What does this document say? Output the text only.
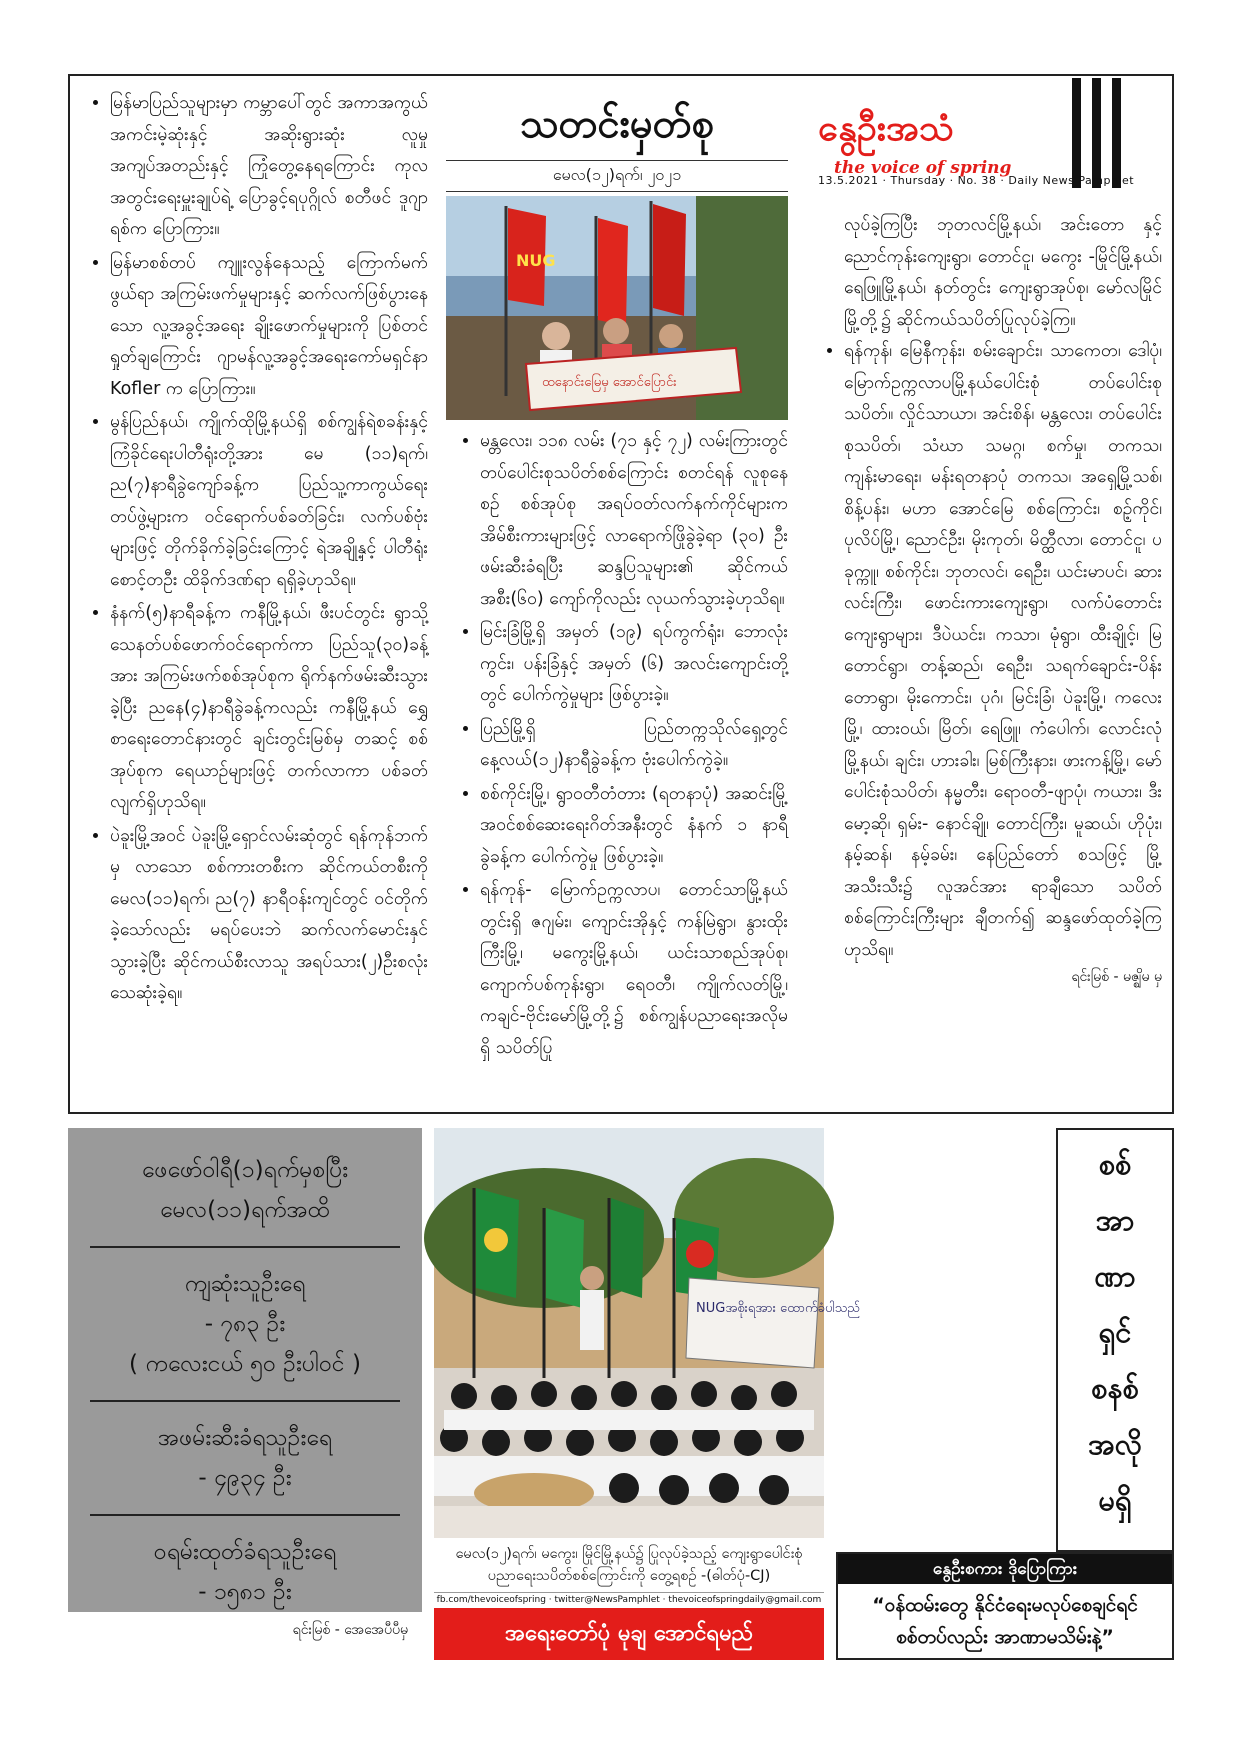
• မြန်မာပြည်သူများမှာ ကမ္ဘာပေါ်တွင် အကာအကွယ်အကင်းမဲ့ဆုံးနှင့် အဆိုးရွားဆုံး လူမှု အကျပ်အတည်းနှင့် ကြုံတွေ့နေရကြောင်း ကုလအတွင်းရေးမှူးချုပ်ရဲ့ ပြောခွင့်ရပုဂ္ဂိုလ် စတီဖင် ဒူဂျာရစ်က ပြောကြား။
• မြန်မာစစ်တပ် ကျူးလွန်နေသည့် ကြောက်မက်ဖွယ်ရာ အကြမ်းဖက်မှုများနှင့် ဆက်လက်ဖြစ်ပွားနေသော လူ့အခွင့်အရေး ချိုးဖောက်မှုများကို ပြစ်တင်ရှုတ်ချကြောင်း ဂျာမန်လူ့အခွင့်အရေးကော်မရှင်နာ Kofler က ပြောကြား။
• မွန်ပြည်နယ်၊ ကျိုက်ထိုမြို့နယ်ရှိ စစ်ကျွန်ရဲစခန်းနှင့် ကြံခိုင်ရေးပါတီရုံးတို့အား မေ (၁၁)ရက်၊ ည(၇)နာရီခွဲကျော်ခန့်က ပြည်သူ့ကာကွယ်ရေးတပ်ဖွဲ့များက ဝင်ရောက်ပစ်ခတ်ခြင်း၊ လက်ပစ်ဗုံးများဖြင့် တိုက်ခိုက်ခဲ့ခြင်းကြောင့် ရဲအချို့နှင့် ပါတီရုံးစောင့်တဦး ထိခိုက်ဒဏ်ရာ ရရှိခဲ့ဟုသိရ။
• နံနက်(၅)နာရီခန့်က ကနီမြို့နယ်၊ ဖီးပင်တွင်း ရွာသို့ သေနတ်ပစ်ဖောက်ဝင်ရောက်ကာ ပြည်သူ(၃၀)ခန့်အား အကြမ်းဖက်စစ်အုပ်စုက ရိုက်နက်ဖမ်းဆီးသွားခဲ့ပြီး ညနေ(၄)နာရီခွဲခန့်ကလည်း ကနီမြို့နယ် ရွှေစာရေးတောင်နားတွင် ချင်းတွင်းမြစ်မှ တဆင့် စစ်အုပ်စုက ရေယာဉ်များဖြင့် တက်လာကာ ပစ်ခတ်လျက်ရှိဟုသိရ။
• ပဲခူးမြို့အဝင် ပဲခူးမြို့ရှောင်လမ်းဆုံတွင် ရန်ကုန်ဘက်မှ လာသော စစ်ကားတစီးက ဆိုင်ကယ်တစီးကို မေလ(၁၁)ရက်၊ ည(၇) နာရီဝန်းကျင်တွင် ဝင်တိုက်ခဲ့သော်လည်း မရပ်ပေးဘဲ ဆက်လက်မောင်းနှင်သွားခဲ့ပြီး ဆိုင်ကယ်စီးလာသူ အရပ်သား(၂)ဦးစလုံး သေဆုံးခဲ့ရ။
သတင်းမှတ်စု
မေလ(၁၂)ရက်၊ ၂၀၂၁
NUG
ထနောင်းမြေမှ အောင်ပြောင်း
• မန္တလေး၊ ၁၁၈ လမ်း (၇၁ နှင့် ၇၂) လမ်းကြားတွင် တပ်ပေါင်းစုသပိတ်စစ်ကြောင်း စတင်ရန် လူစုနေစဉ် စစ်အုပ်စု အရပ်ဝတ်လက်နက်ကိုင်များက အိမ်စီးကားများဖြင့် လာရောက်ဖြိုခွဲခဲ့ရာ (၃၀) ဦး ဖမ်းဆီးခံရပြီး ဆန္ဒပြသူများ၏ ဆိုင်ကယ်အစီး(၆၀) ကျော်ကိုလည်း လုယက်သွားခဲ့ဟုသိရ။
• မြင်းခြံမြို့ရှိ အမှတ် (၁၉) ရပ်ကွက်ရုံး၊ ဘောလုံးကွင်း၊ ပန်းခြံနှင့် အမှတ် (၆) အလင်းကျောင်းတို့တွင် ပေါက်ကွဲမှုများ ဖြစ်ပွားခဲ့။
• ပြည်မြို့ရှိ ပြည်တက္ကသိုလ်ရှေ့တွင် နေ့လယ်(၁၂)နာရီခွဲခန့်က ဗုံးပေါက်ကွဲခဲ့။
• စစ်ကိုင်းမြို့၊ ရွာဝတီတံတား (ရတနာပုံ) အဆင်းမြို့အဝင်စစ်ဆေးရေးဂိတ်အနီးတွင် နံနက် ၁ နာရီခွဲခန့်က ပေါက်ကွဲမှု ဖြစ်ပွားခဲ့။
• ရန်ကုန်- မြောက်ဥက္ကလာပ၊ တောင်သာမြို့နယ်တွင်းရှိ ဇဂျမ်း၊ ကျောင်းအိုနှင့် ကန်မြဲရွာ၊ နွားထိုးကြီးမြို့၊ မကွေးမြို့နယ်၊ ယင်းသာစည်အုပ်စု၊ ကျောက်ပစ်ကုန်းရွာ၊ ရေဝတီ၊ ကျိုက်လတ်မြို့၊ ကချင်-ဗိုင်းမော်မြို့တို့၌ စစ်ကျွန်ပညာရေးအလိုမရှိ သပိတ်ပြု
နွေဦးအသံ
the voice of spring
13.5.2021 · Thursday · No. 38 · Daily News Pamphlet

လုပ်ခဲ့ကြပြီး ဘုတလင်မြို့နယ်၊ အင်းတော နှင့် ညောင်ကုန်းကျေးရွာ၊ တောင်ငူ၊ မကွေး -မြိုင်မြို့နယ်၊ ရေဖြူမြို့နယ်၊ နတ်တွင်း ကျေးရွာအုပ်စု၊ မော်လမြိုင်မြို့တို့၌ ဆိုင်ကယ်သပိတ်ပြုလုပ်ခဲ့ကြ။

• ရန်ကုန်၊ မြေနီကုန်း၊ စမ်းချောင်း၊ သာကေတ၊ ဒေါပုံ၊ မြောက်ဥက္ကလာပမြို့နယ်ပေါင်းစုံ တပ်ပေါင်းစုသပိတ်။ လှိုင်သာယာ၊ အင်းစိန်၊ မန္တလေး၊ တပ်ပေါင်းစုသပိတ်၊ သံဃာ သမဂ္ဂ၊ စက်မှု၊ တကသ၊ ကျန်းမာရေး၊ မန်းရတနာပုံ တကသ၊ အရှေ့မြို့သစ်၊ စိန့်ပန်း၊ မဟာ အောင်မြေ စစ်ကြောင်း၊ စဥ့်ကိုင်၊ ပုလိပ်မြို့၊ ညောင်ဦး၊ မိုးကုတ်၊ မိတ္ထီလာ၊ တောင်ငူ၊ ပခုက္ကူ၊ စစ်ကိုင်း၊ ဘုတလင်၊ ရေဦး၊ ယင်းမာပင်၊ ဆားလင်းကြီး၊ ဖောင်းကားကျေးရွာ၊ လက်ပံတောင်း ကျေးရွာများ၊ ဒီပဲယင်း၊ ကသာ၊ မုံရွာ၊ ထီးချိုင့်၊ မြတောင်ရွာ၊ တန့်ဆည်၊ ရေဦး၊ သရက်ချောင်း-ပိန်းတောရွာ၊ မိုးကောင်း၊ ပုဂံ၊ မြင်းခြံ၊ ပဲခူးမြို့၊ ကလေးမြို့၊ ထားဝယ်၊ မြိတ်၊ ရေဖြူ၊ ကံပေါက်၊ လောင်းလုံမြို့နယ်၊ ချင်း၊ ဟားခါး၊ မြစ်ကြီးနား၊ ဖားကန့်မြို့၊ မော်ပေါင်းစုံသပိတ်၊ နမ္မတီး၊ ရောဝတီ-ဖျာပုံ၊ ကယား၊ ဒီးမော့ဆို၊ ရှမ်း- နောင်ချို၊ တောင်ကြီး၊ မူဆယ်၊ ဟိုပုံး၊ နမ့်ဆန်၊ နမ့်ခမ်း၊ နေပြည်တော် စသဖြင့် မြို့အသီးသီး၌ လူအင်အား ရာချီသော သပိတ်စစ်ကြောင်းကြီးများ ချီတက်၍ ဆန္ဒဖော်ထုတ်ခဲ့ကြဟုသိရ။
ရင်းမြစ် - မဇ္ဈိမ မှ
ဖေဖော်ဝါရီ(၁)ရက်မှစပြီး
မေလ(၁၁)ရက်အထိ
ကျဆုံးသူဦးရေ
- ၇၈၃ ဦး
( ကလေးငယ် ၅၀ ဦးပါဝင် )
အဖမ်းဆီးခံရသူဦးရေ
- ၄၉၃၄ ဦး
ဝရမ်းထုတ်ခံရသူဦးရေ
- ၁၅၈၁ ဦး
ရင်းမြစ် - အေအေပီပီမှ
NUGအစိုးရအား ထောက်ခံပါသည်
မေလ(၁၂)ရက်၊ မကွေး၊ မြိုင်မြို့နယ်၌ ပြုလုပ်ခဲ့သည့် ကျေးရွာပေါင်းစုံ ပညာရေးသပိတ်စစ်ကြောင်းကို တွေ့ရစဉ် -(ဓါတ်ပုံ-CJ)
fb.com/thevoiceofspring · twitter@NewsPamphlet · thevoiceofspringdaily@gmail.com
အရေးတော်ပုံ မုချ အောင်ရမည်
စစ်
အာ
ဏာ
ရှင်
စနစ်
အလို
မရှိ
နွေဦးစကား ဒိုပြောကြား
“ဝန်ထမ်းတွေ နိုင်ငံရေးမလုပ်စေချင်ရင်
စစ်တပ်လည်း အာဏာမသိမ်းနဲ့”
